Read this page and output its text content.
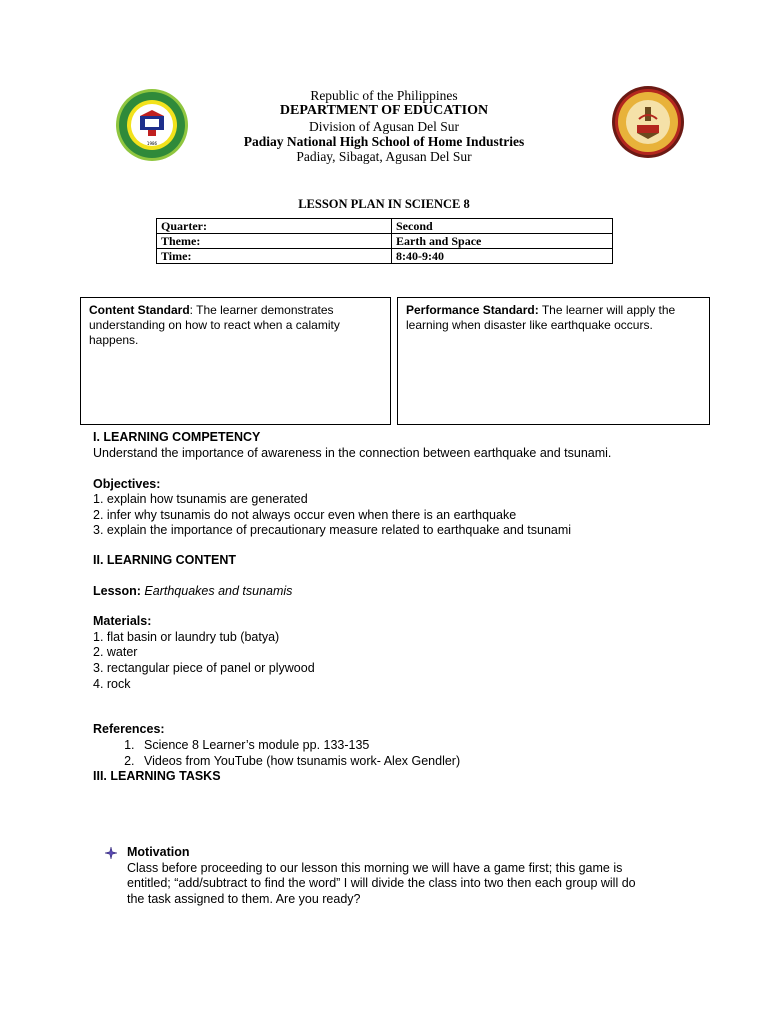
1986
Republic of the Philippines
DEPARTMENT OF EDUCATION
Division of Agusan Del Sur
Padiay National High School of Home Industries
Padiay, Sibagat, Agusan Del Sur
LESSON PLAN IN SCIENCE 8
Quarter:	Second
Theme:	Earth and Space
Time:	8:40-9:40
Content Standard: The learner demonstrates understanding on how to react when a calamity happens.
Performance Standard: The learner will apply the learning when disaster like earthquake occurs.
I. LEARNING COMPETENCY
Understand the importance of awareness in the connection between earthquake and tsunami.
Objectives:
1. explain how tsunamis are generated
2. infer why tsunamis do not always occur even when there is an earthquake
3. explain the importance of precautionary measure related to earthquake and tsunami
II. LEARNING CONTENT
Lesson: Earthquakes and tsunamis
Materials:
1. flat basin or laundry tub (batya)
2. water
3. rectangular piece of panel or plywood
4. rock
References:
1. Science 8 Learner’s module pp. 133-135
2. Videos from YouTube (how tsunamis work- Alex Gendler)
III. LEARNING TASKS
Motivation
Class before proceeding to our lesson this morning we will have a game first; this game is
entitled; “add/subtract to find the word” I will divide the class into two then each group will do
the task assigned to them. Are you ready?
